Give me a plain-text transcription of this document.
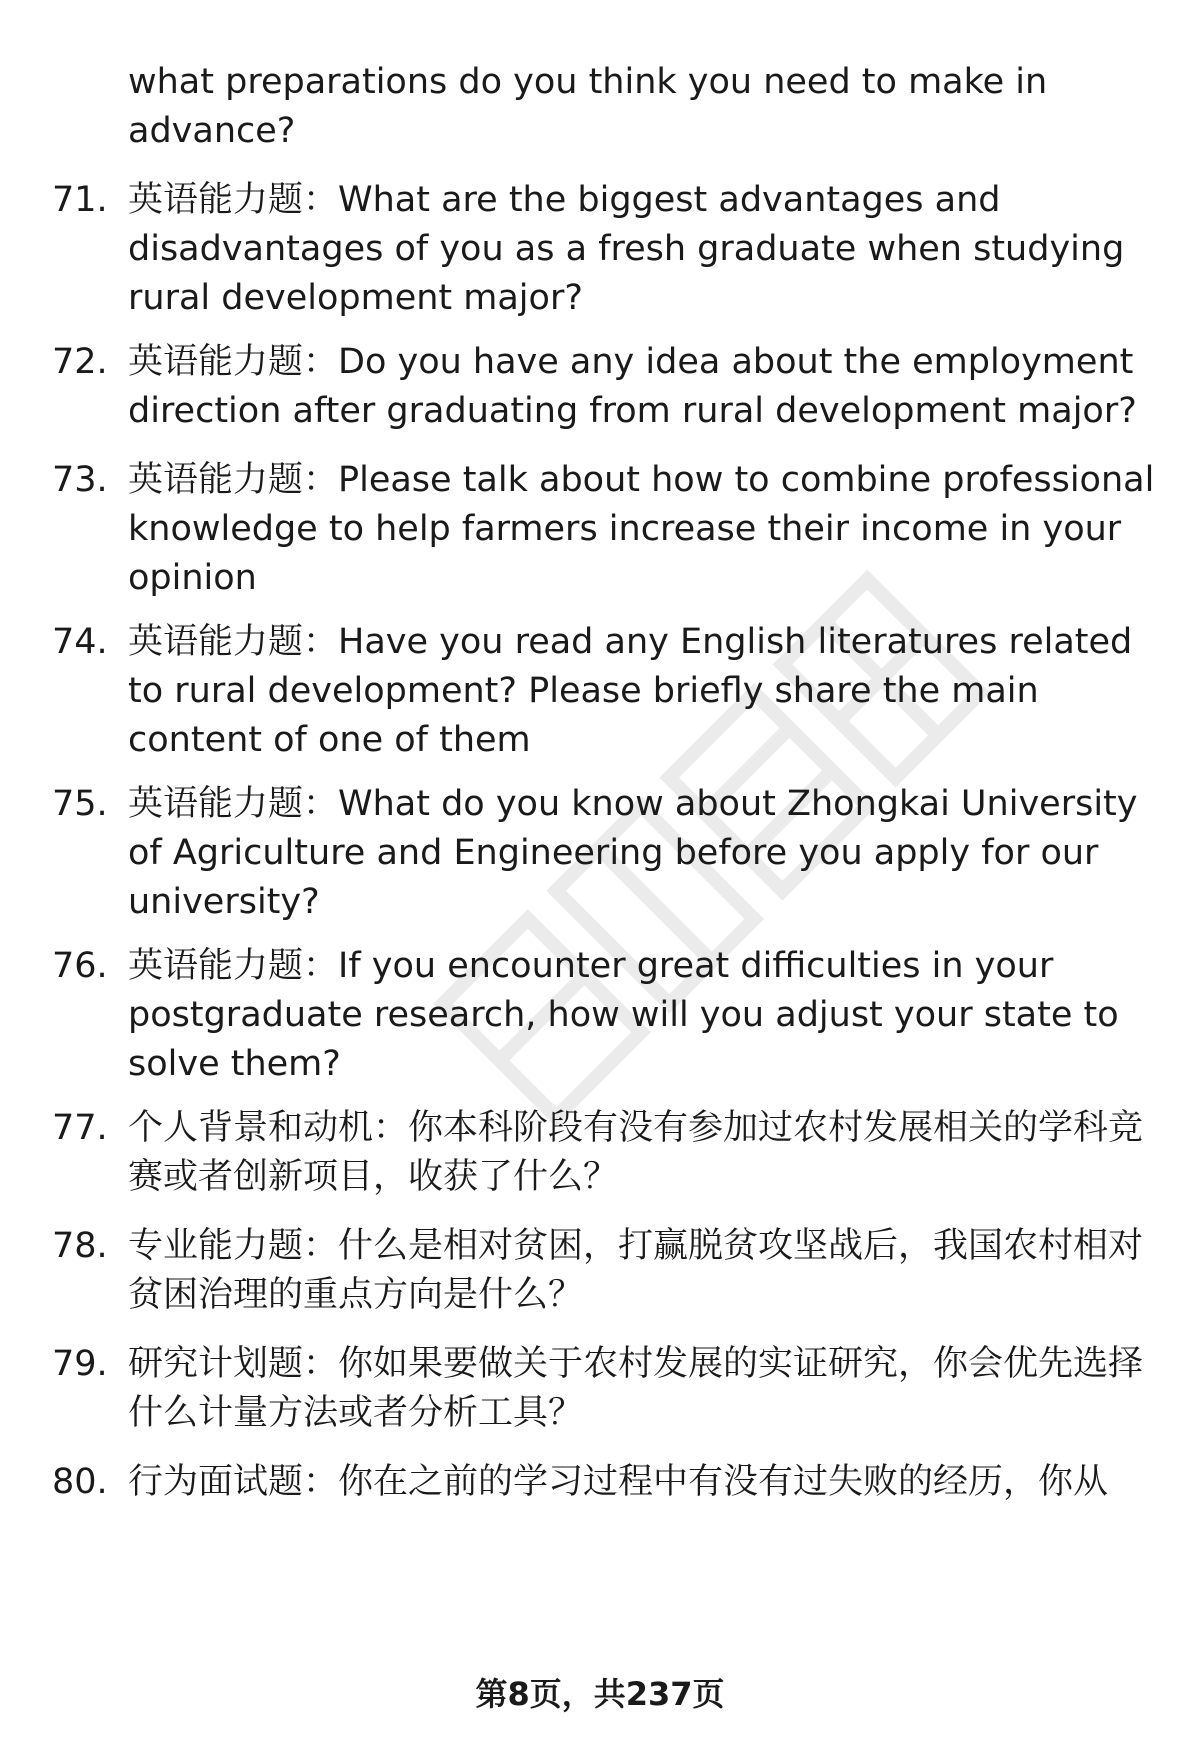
what preparations do you think you need to make in advance?

71. 英语能力题：What are the biggest advantages and disadvantages of you as a fresh graduate when studying rural development major?

72. 英语能力题：Do you have any idea about the employment direction after graduating from rural development major?

73. 英语能力题：Please talk about how to combine professional knowledge to help farmers increase their income in your opinion

74. 英语能力题：Have you read any English literatures related to rural development? Please briefly share the main content of one of them

75. 英语能力题：What do you know about Zhongkai University of Agriculture and Engineering before you apply for our university?

76. 英语能力题：If you encounter great difficulties in your postgraduate research, how will you adjust your state to solve them?

77. 个人背景和动机：你本科阶段有没有参加过农村发展相关的学科竞赛或者创新项目，收获了什么？

78. 专业能力题：什么是相对贫困，打赢脱贫攻坚战后，我国农村相对贫困治理的重点方向是什么？

79. 研究计划题：你如果要做关于农村发展的实证研究，你会优先选择什么计量方法或者分析工具？

80. 行为面试题：你在之前的学习过程中有没有过失败的经历，你从

第8页，共237页
